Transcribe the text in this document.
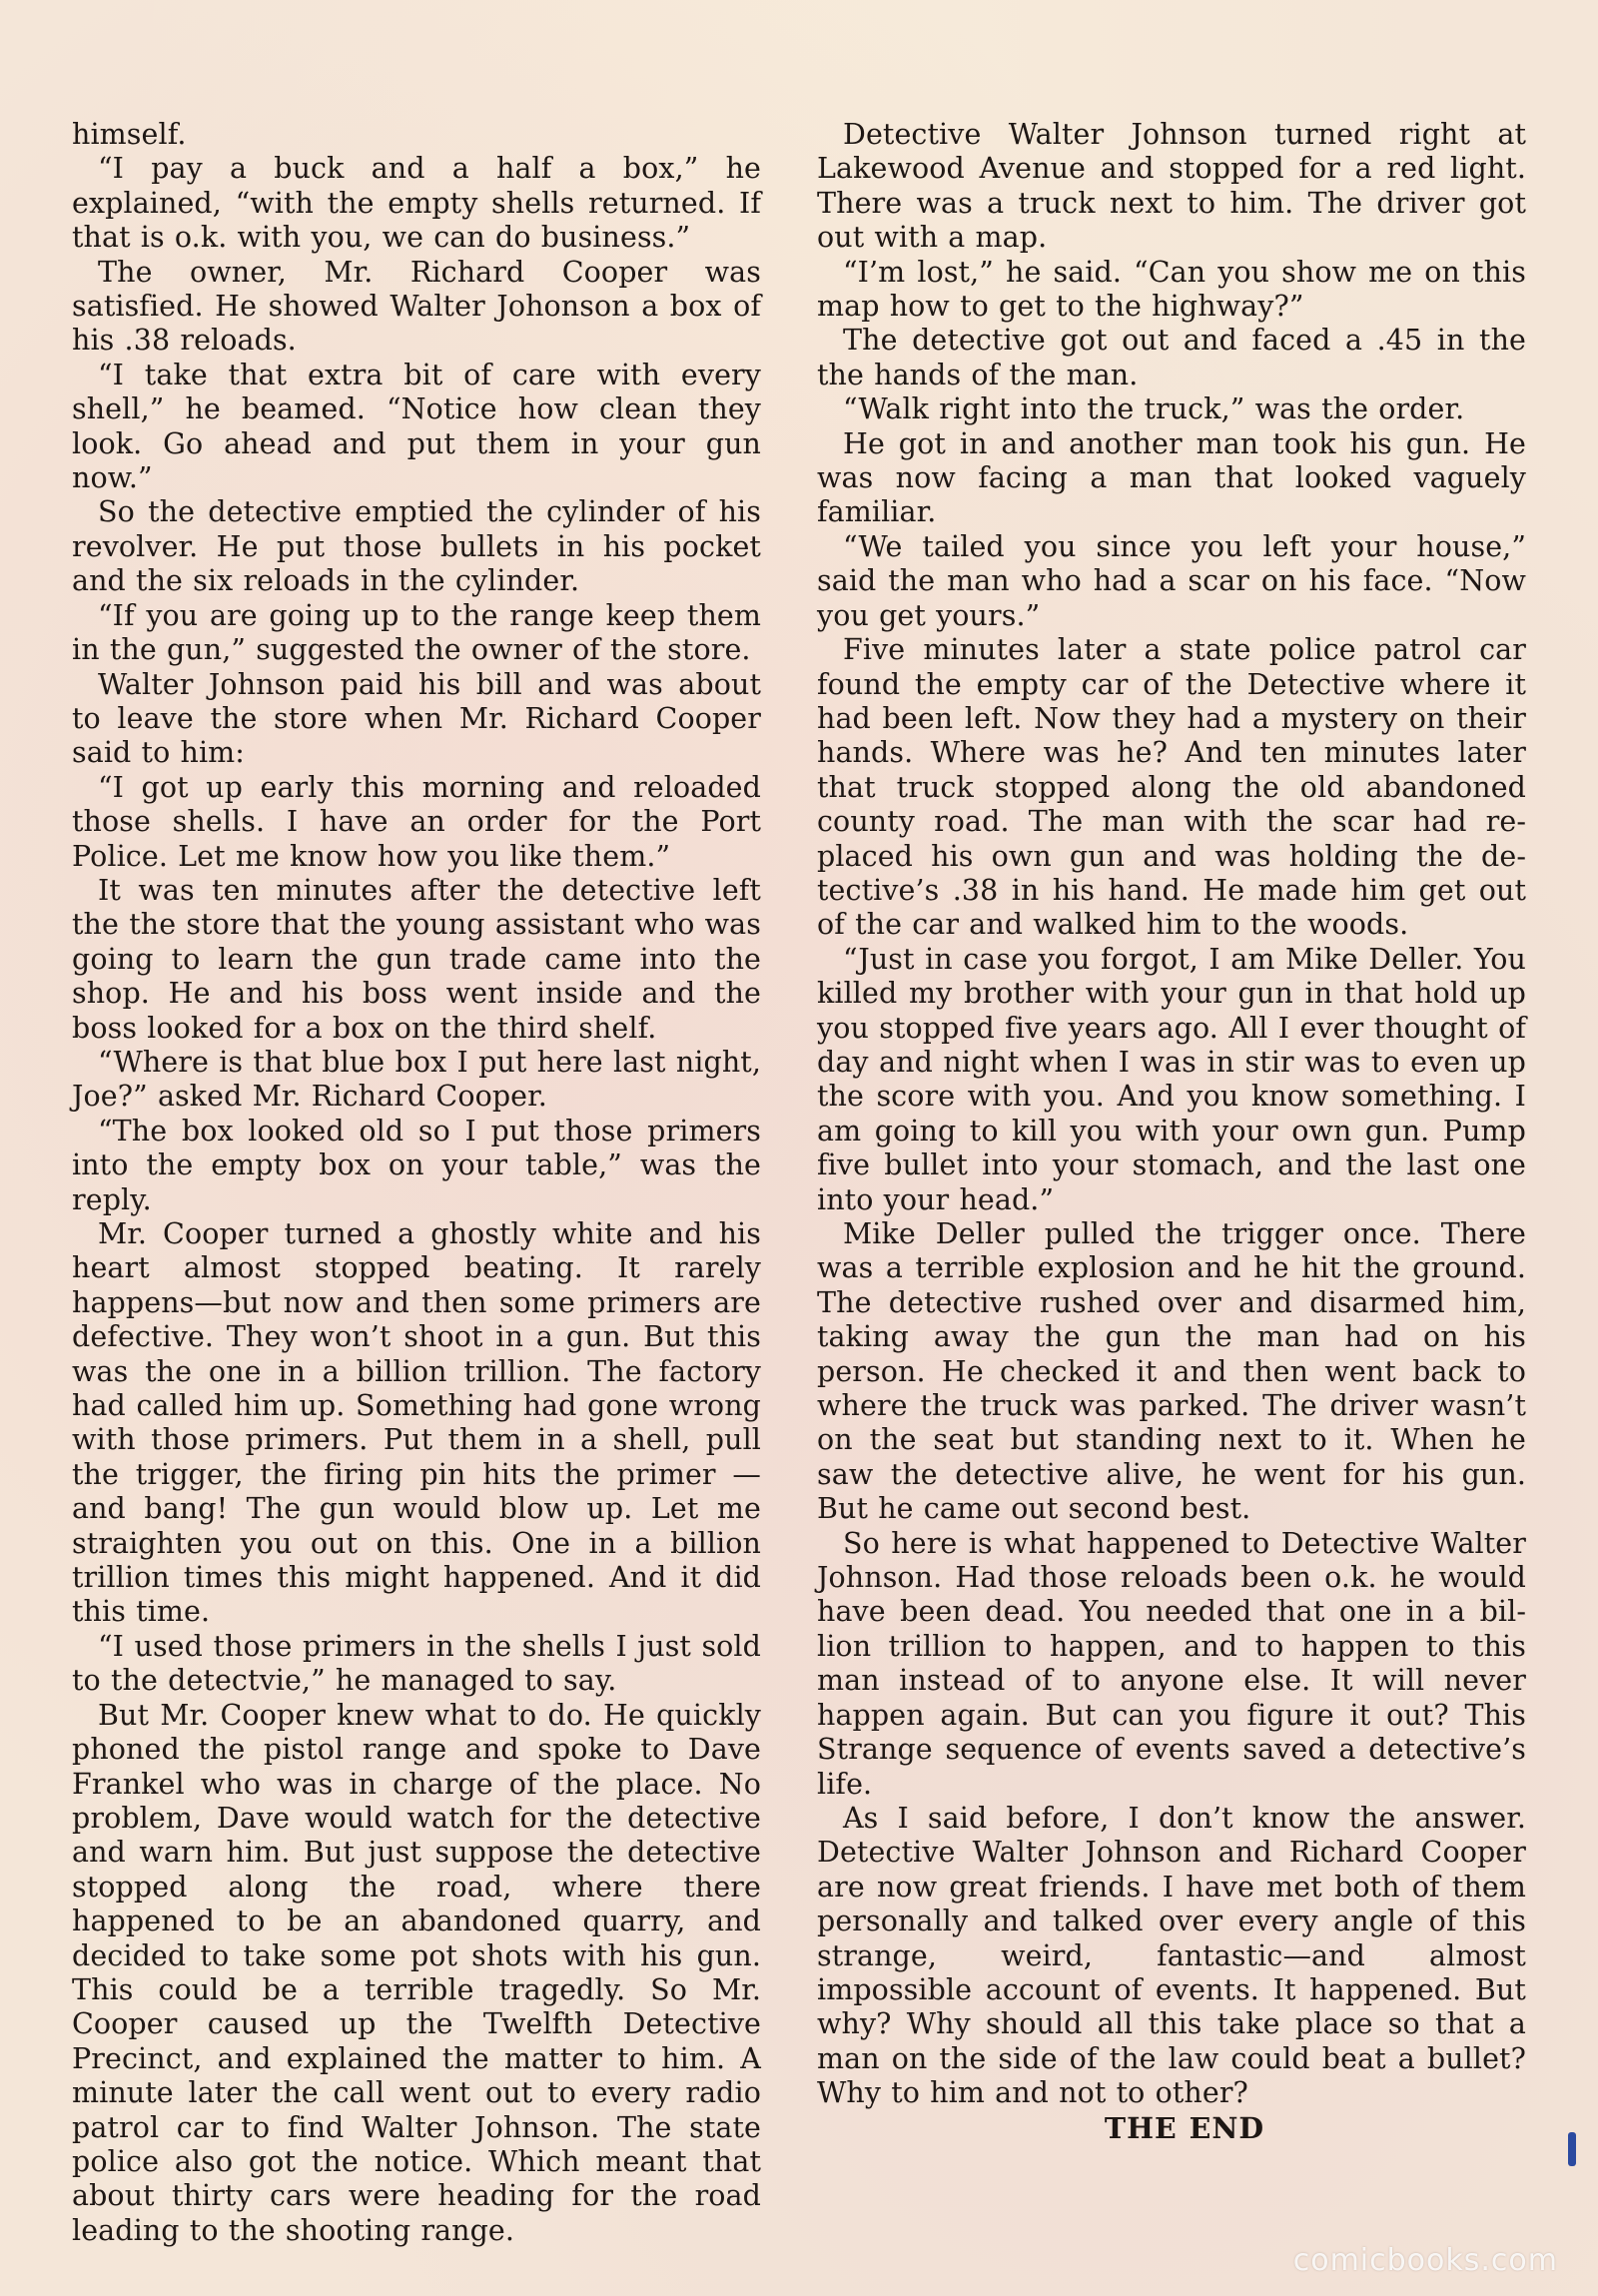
himself.

“I pay a buck and a half a box,” he explained, “with the empty shells returned. If that is o.k. with you, we can do business.”

The owner, Mr. Richard Cooper was satisfied. He showed Walter Johonson a box of his .38 reloads.

“I take that extra bit of care with every shell,” he beamed. “Notice how clean they look. Go ahead and put them in your gun now.”

So the detective emptied the cylinder of his revolver. He put those bullets in his pocket and the six reloads in the cylinder.

“If you are going up to the range keep them in the gun,” suggested the owner of the store.

Walter Johnson paid his bill and was about to leave the store when Mr. Richard Cooper said to him:

“I got up early this morning and reloaded those shells. I have an order for the Port Police. Let me know how you like them.”

It was ten minutes after the detective left the the store that the young assistant who was going to learn the gun trade came into the shop. He and his boss went inside and the boss looked for a box on the third shelf.

“Where is that blue box I put here last night, Joe?” asked Mr. Richard Cooper.

“The box looked old so I put those primers into the empty box on your table,” was the reply.

Mr. Cooper turned a ghostly white and his heart almost stopped beating. It rarely happens—but now and then some primers are defective. They won’t shoot in a gun. But this was the one in a billion trillion. The factory had called him up. Something had gone wrong with those primers. Put them in a shell, pull the trigger, the firing pin hits the primer — and bang! The gun would blow up. Let me straighten you out on this. One in a billion trillion times this might happened. And it did this time.

“I used those primers in the shells I just sold to the detectvie,” he managed to say.

But Mr. Cooper knew what to do. He quickly phoned the pistol range and spoke to Dave Frankel who was in charge of the place. No problem, Dave would watch for the detective and warn him. But just suppose the detective stopped along the road, where there happened to be an abandoned quarry, and decided to take some pot shots with his gun. This could be a terrible tragedly. So Mr. Cooper caused up the Twelfth Detective Precinct, and explained the matter to him. A minute later the call went out to every radio patrol car to find Walter Johnson. The state police also got the notice. Which meant that about thirty cars were heading for the road leading to the shooting range.

Detective Walter Johnson turned right at Lakewood Avenue and stopped for a red light. There was a truck next to him. The driver got out with a map.

“I’m lost,” he said. “Can you show me on this map how to get to the highway?”

The detective got out and faced a .45 in the the hands of the man.

“Walk right into the truck,” was the order.

He got in and another man took his gun. He was now facing a man that looked vaguely familiar.

“We tailed you since you left your house,” said the man who had a scar on his face. “Now you get yours.”

Five minutes later a state police patrol car found the empty car of the Detective where it had been left. Now they had a mystery on their hands. Where was he? And ten minutes later that truck stopped along the old abandoned county road. The man with the scar had replaced his own gun and was holding the detective’s .38 in his hand. He made him get out of the car and walked him to the woods.

“Just in case you forgot, I am Mike Deller. You killed my brother with your gun in that hold up you stopped five years ago. All I ever thought of day and night when I was in stir was to even up the score with you. And you know something. I am going to kill you with your own gun. Pump five bullet into your stomach, and the last one into your head.”

Mike Deller pulled the trigger once. There was a terrible explosion and he hit the ground. The detective rushed over and disarmed him, taking away the gun the man had on his person. He checked it and then went back to where the truck was parked. The driver wasn’t on the seat but standing next to it. When he saw the detective alive, he went for his gun. But he came out second best.

So here is what happened to Detective Walter Johnson. Had those reloads been o.k. he would have been dead. You needed that one in a billion trillion to happen, and to happen to this man instead of to anyone else. It will never happen again. But can you figure it out? This Strange sequence of events saved a detective’s life.

As I said before, I don’t know the answer. Detective Walter Johnson and Richard Cooper are now great friends. I have met both of them personally and talked over every angle of this strange, weird, fantastic—and almost impossible account of events. It happened. But why? Why should all this take place so that a man on the side of the law could beat a bullet? Why to him and not to other?

THE END

comicbooks.com
